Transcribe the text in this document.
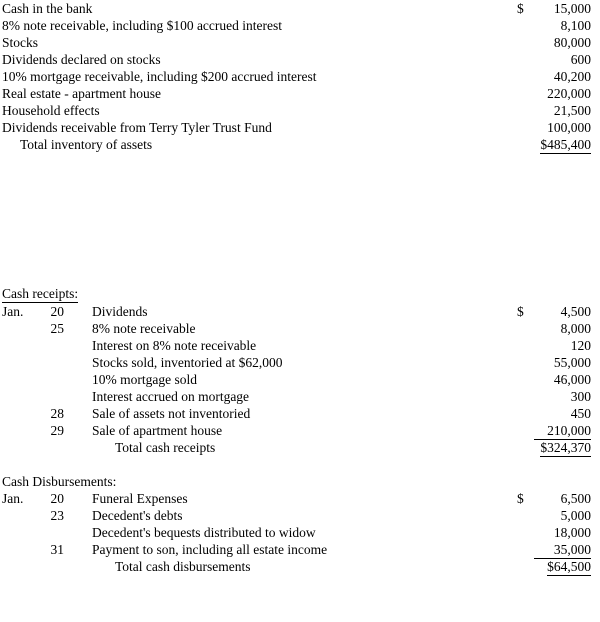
Cash in the bank	$ 15,000
8% note receivable, including $100 accrued interest	8,100
Stocks	80,000
Dividends declared on stocks	600
10% mortgage receivable, including $200 accrued interest	40,200
Real estate - apartment house	220,000
Household effects	21,500
Dividends receivable from Terry Tyler Trust Fund	100,000
Total inventory of assets	$485,400
Cash receipts:
Jan.	20 Dividends	$	4,500
25 8% note receivable	8,000
Interest on 8% note receivable	120
Stocks sold, inventoried at $62,000	55,000
10% mortgage sold	46,000
Interest accrued on mortgage	300
28 Sale of assets not inventoried	450
29 Sale of apartment house	210,000
Total cash receipts	$324,370
Cash Disbursements:
Jan.	20 Funeral Expenses	$	6,500
23 Decedent's debts	5,000
Decedent's bequests distributed to widow	18,000
31 Payment to son, including all estate income	35,000
Total cash disbursements	$64,500
